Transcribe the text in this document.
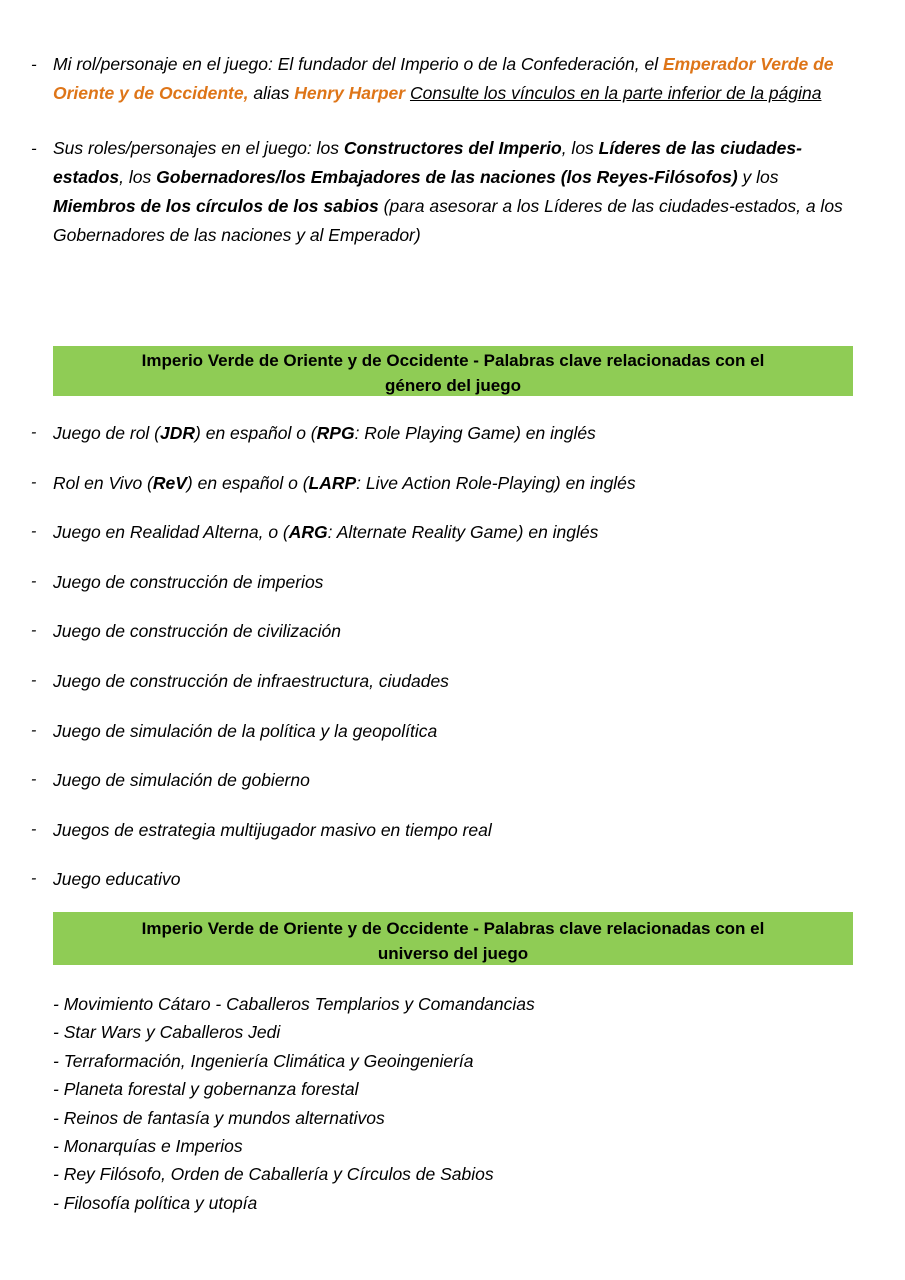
- Mi rol/personaje en el juego: El fundador del Imperio o de la Confederación, el Emperador Verde de Oriente y de Occidente, alias Henry Harper Consulte los vínculos en la parte inferior de la página
- Sus roles/personajes en el juego: los Constructores del Imperio, los Líderes de las ciudades-estados, los Gobernadores/los Embajadores de las naciones (los Reyes-Filósofos) y los Miembros de los círculos de los sabios (para asesorar a los Líderes de las ciudades-estados, a los Gobernadores de las naciones y al Emperador)
Imperio Verde de Oriente y de Occidente - Palabras clave relacionadas con el
género del juego
- Juego de rol (JDR) en español o (RPG: Role Playing Game) en inglés
- Rol en Vivo (ReV) en español o (LARP: Live Action Role-Playing) en inglés
- Juego en Realidad Alterna, o (ARG: Alternate Reality Game) en inglés
- Juego de construcción de imperios
- Juego de construcción de civilización
- Juego de construcción de infraestructura, ciudades
- Juego de simulación de la política y la geopolítica
- Juego de simulación de gobierno
- Juegos de estrategia multijugador masivo en tiempo real
- Juego educativo
Imperio Verde de Oriente y de Occidente - Palabras clave relacionadas con el
universo del juego
- Movimiento Cátaro - Caballeros Templarios y Comandancias
- Star Wars y Caballeros Jedi
- Terraformación, Ingeniería Climática y Geoingeniería
- Planeta forestal y gobernanza forestal
- Reinos de fantasía y mundos alternativos
- Monarquías e Imperios
- Rey Filósofo, Orden de Caballería y Círculos de Sabios
- Filosofía política y utopía
